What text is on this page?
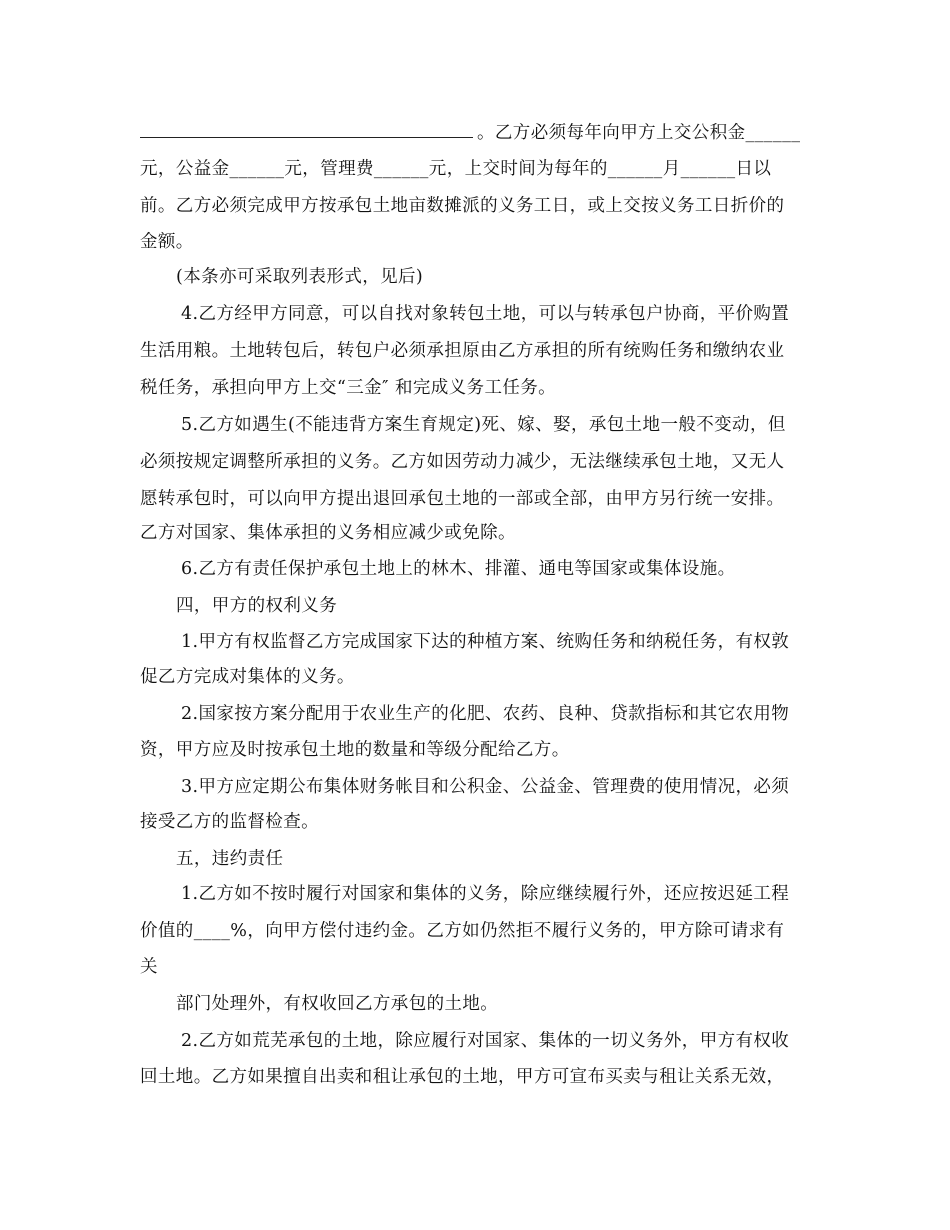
。乙方必须每年向甲方上交公积金______
元，公益金______元，管理费______元，上交时间为每年的______月______日以
前。乙方必须完成甲方按承包土地亩数摊派的义务工日，或上交按义务工日折价的
金额。
(本条亦可采取列表形式，见后)
4.乙方经甲方同意，可以自找对象转包土地，可以与转承包户协商，平价购置
生活用粮。土地转包后，转包户必须承担原由乙方承担的所有统购任务和缴纳农业
税任务，承担向甲方上交“三金″ 和完成义务工任务。
5.乙方如遇生(不能违背方案生育规定)死、嫁、娶，承包土地一般不变动，但
必须按规定调整所承担的义务。乙方如因劳动力减少，无法继续承包土地，又无人
愿转承包时，可以向甲方提出退回承包土地的一部或全部，由甲方另行统一安排。
乙方对国家、集体承担的义务相应减少或免除。
6.乙方有责任保护承包土地上的林木、排灌、通电等国家或集体设施。
四，甲方的权利义务
1.甲方有权监督乙方完成国家下达的种植方案、统购任务和纳税任务，有权敦
促乙方完成对集体的义务。
2.国家按方案分配用于农业生产的化肥、农药、良种、贷款指标和其它农用物
资，甲方应及时按承包土地的数量和等级分配给乙方。
3.甲方应定期公布集体财务帐目和公积金、公益金、管理费的使用情况，必须
接受乙方的监督检查。
五，违约责任
1.乙方如不按时履行对国家和集体的义务，除应继续履行外，还应按迟延工程
价值的____%，向甲方偿付违约金。乙方如仍然拒不履行义务的，甲方除可请求有
关
部门处理外，有权收回乙方承包的土地。
2.乙方如荒芜承包的土地，除应履行对国家、集体的一切义务外，甲方有权收
回土地。乙方如果擅自出卖和租让承包的土地，甲方可宣布买卖与租让关系无效，
